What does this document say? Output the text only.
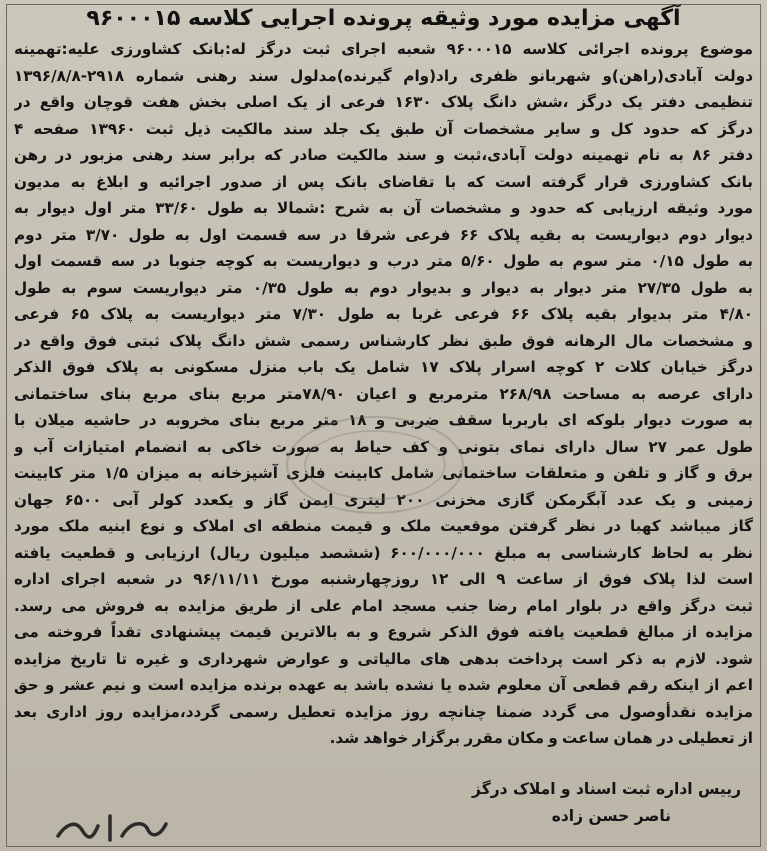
آگهی مزایده مورد وثیقه پرونده اجرایی کلاسه ۹۶۰۰۰۱۵
موضوع پرونده اجرائی کلاسه ۹۶۰۰۰۱۵ شعبه اجرای ثبت درگز له:بانک کشاورزی علیه:تهمینه
دولت آبادی(راهن)و شهربانو ظفری راد(وام گیرنده)مدلول سند رهنی شماره ۲۹۱۸-۱۳۹۶/۸/۸
تنظیمی دفتر یک درگز ،شش دانگ پلاک ۱۶۳۰ فرعی از یک اصلی بخش هفت قوچان واقع در
درگز که حدود کل و سایر مشخصات آن طبق یک جلد سند مالکیت ذیل ثبت ۱۳۹۶۰ صفحه ۴
دفتر ۸۶ به نام تهمینه دولت آبادی،ثبت و سند مالکیت صادر که برابر سند رهنی مزبور در رهن
بانک کشاورزی قرار گرفته است که با تقاضای بانک پس از صدور اجرائیه و ابلاغ به مدیون
مورد وثیقه ارزیابی که حدود و مشخصات آن به شرح :شمالا به طول ۳۳/۶۰ متر اول دیوار به
دیوار دوم دیواریست به بقیه پلاک ۶۶ فرعی شرقا در سه قسمت اول به طول ۳/۷۰ متر دوم
به طول ۰/۱۵ متر سوم به طول ۵/۶۰ متر درب و دیواریست به کوچه جنوبا در سه قسمت اول
به طول ۲۷/۳۵ متر دیوار به دیوار و بدیوار دوم به طول ۰/۳۵ متر دیواریست سوم به طول
۴/۸۰ متر بدیوار بقیه پلاک ۶۶ فرعی غربا به طول ۷/۳۰ متر دیواریست به پلاک ۶۵ فرعی
و مشخصات مال الرهانه فوق طبق نظر کارشناس رسمی شش دانگ پلاک ثبتی فوق واقع در
درگز خیابان کلات ۲ کوچه اسرار پلاک ۱۷ شامل یک باب منزل مسکونی به پلاک فوق الذکر
دارای عرصه به مساحت ۲۶۸/۹۸ مترمربع و اعیان ۷۸/۹۰متر مربع بنای مربع بنای ساختمانی
به صورت دیوار بلوکه ای باربربا سقف ضربی و ۱۸ متر مربع بنای مخروبه در حاشیه میلان با
طول عمر ۲۷ سال دارای نمای بتونی و کف حیاط به صورت خاکی به انضمام امتیازات آب و
برق و گاز و تلفن و متعلقات ساختمانی شامل کابینت فلزی آشپزخانه به میزان ۱/۵ متر کابینت
زمینی و یک عدد آبگرمکن گازی مخزنی ۲۰۰ لیتری ایمن گاز و یکعدد کولر آبی ۶۵۰۰ جهان
گاز میباشد کهبا در نظر گرفتن موقعیت ملک و قیمت منطقه ای املاک و نوع ابنیه ملک مورد
نظر به لحاظ کارشناسی به مبلغ ۶۰۰/۰۰۰/۰۰۰ (ششصد میلیون ریال) ارزیابی و قطعیت یافته
است لذا پلاک فوق از ساعت ۹ الی ۱۲ روزچهارشنبه مورخ ۹۶/۱۱/۱۱ در شعبه اجرای اداره
ثبت درگز واقع در بلوار امام رضا جنب مسجد امام علی از طریق مزایده به فروش می رسد.
مزایده از مبالغ قطعیت یافته فوق الذکر شروع و به بالاترین قیمت پیشنهادی تقداً فروخته می
شود. لازم به ذکر است پرداخت بدهی های مالیاتی و عوارض شهرداری و غیره تا تاریخ مزایده
اعم از اینکه رقم قطعی آن معلوم شده یا نشده باشد به عهده برنده مزایده است و نیم عشر و حق
مزایده نقدأوصول می گردد ضمنا چنانچه روز مزایده تعطیل رسمی گردد،مزایده روز اداری بعد
از تعطیلی در همان ساعت و مکان مقرر برگزار خواهد شد.
رییس اداره ثبت اسناد و املاک درگز
ناصر حسن زاده
